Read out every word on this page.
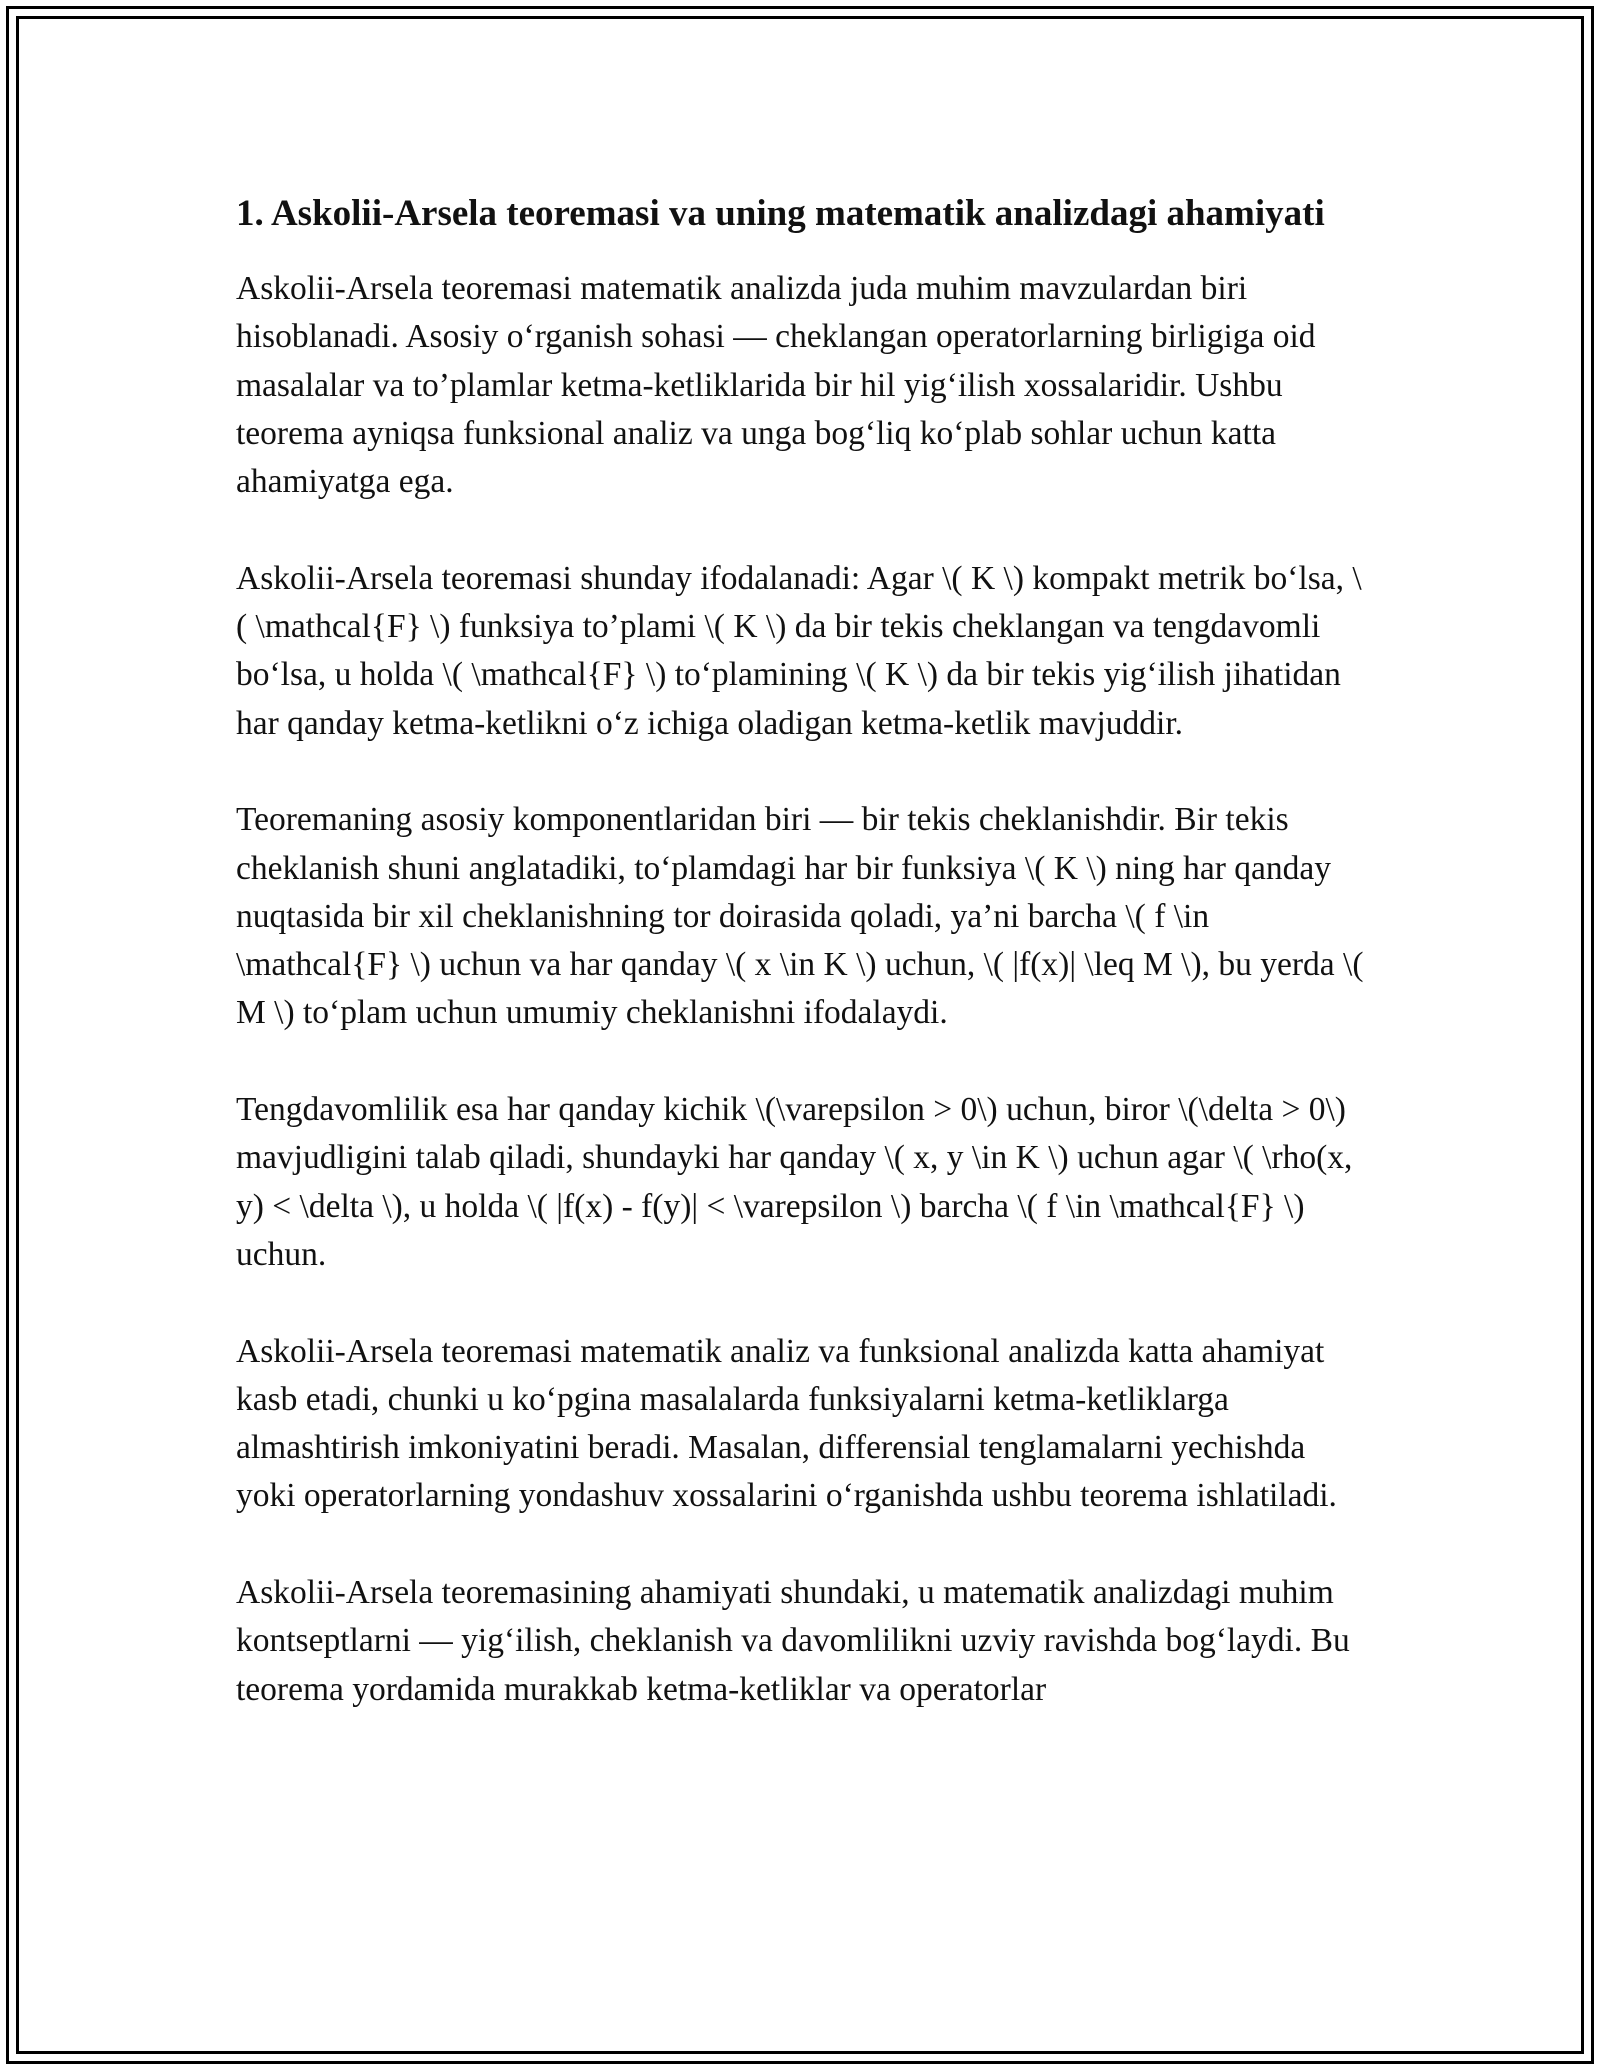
1. Askolii-Arsela teoremasi va uning matematik analizdagi ahamiyati

Askolii-Arsela teoremasi matematik analizda juda muhim mavzulardan biri hisoblanadi. Asosiy o‘rganish sohasi — cheklangan operatorlarning birligiga oid masalalar va to’plamlar ketma-ketliklarida bir hil yig‘ilish xossalaridir. Ushbu teorema ayniqsa funksional analiz va unga bog‘liq ko‘plab sohlar uchun katta ahamiyatga ega.

Askolii-Arsela teoremasi shunday ifodalanadi: Agar \( K \) kompakt metrik bo‘lsa, \( \mathcal{F} \) funksiya to’plami \( K \) da bir tekis cheklangan va tengdavomli bo‘lsa, u holda \( \mathcal{F} \) to‘plamining \( K \) da bir tekis yig‘ilish jihatidan har qanday ketma-ketlikni o‘z ichiga oladigan ketma-ketlik mavjuddir.

Teoremaning asosiy komponentlaridan biri — bir tekis cheklanishdir. Bir tekis cheklanish shuni anglatadiki, to‘plamdagi har bir funksiya \( K \) ning har qanday nuqtasida bir xil cheklanishning tor doirasida qoladi, ya’ni barcha \( f \in \mathcal{F} \) uchun va har qanday \( x \in K \) uchun, \( |f(x)| \leq M \), bu yerda \( M \) to‘plam uchun umumiy cheklanishni ifodalaydi.

Tengdavomlilik esa har qanday kichik \(\varepsilon > 0\) uchun, biror \(\delta > 0\) mavjudligini talab qiladi, shundayki har qanday \( x, y \in K \) uchun agar \( \rho(x, y) < \delta \), u holda \( |f(x) - f(y)| < \varepsilon \) barcha \( f \in \mathcal{F} \) uchun.

Askolii-Arsela teoremasi matematik analiz va funksional analizda katta ahamiyat kasb etadi, chunki u ko‘pgina masalalarda funksiyalarni ketma-ketliklarga almashtirish imkoniyatini beradi. Masalan, differensial tenglamalarni yechishda yoki operatorlarning yondashuv xossalarini o‘rganishda ushbu teorema ishlatiladi.

Askolii-Arsela teoremasining ahamiyati shundaki, u matematik analizdagi muhim kontseptlarni — yig‘ilish, cheklanish va davomlilikni uzviy ravishda bog‘laydi. Bu teorema yordamida murakkab ketma-ketliklar va operatorlar
